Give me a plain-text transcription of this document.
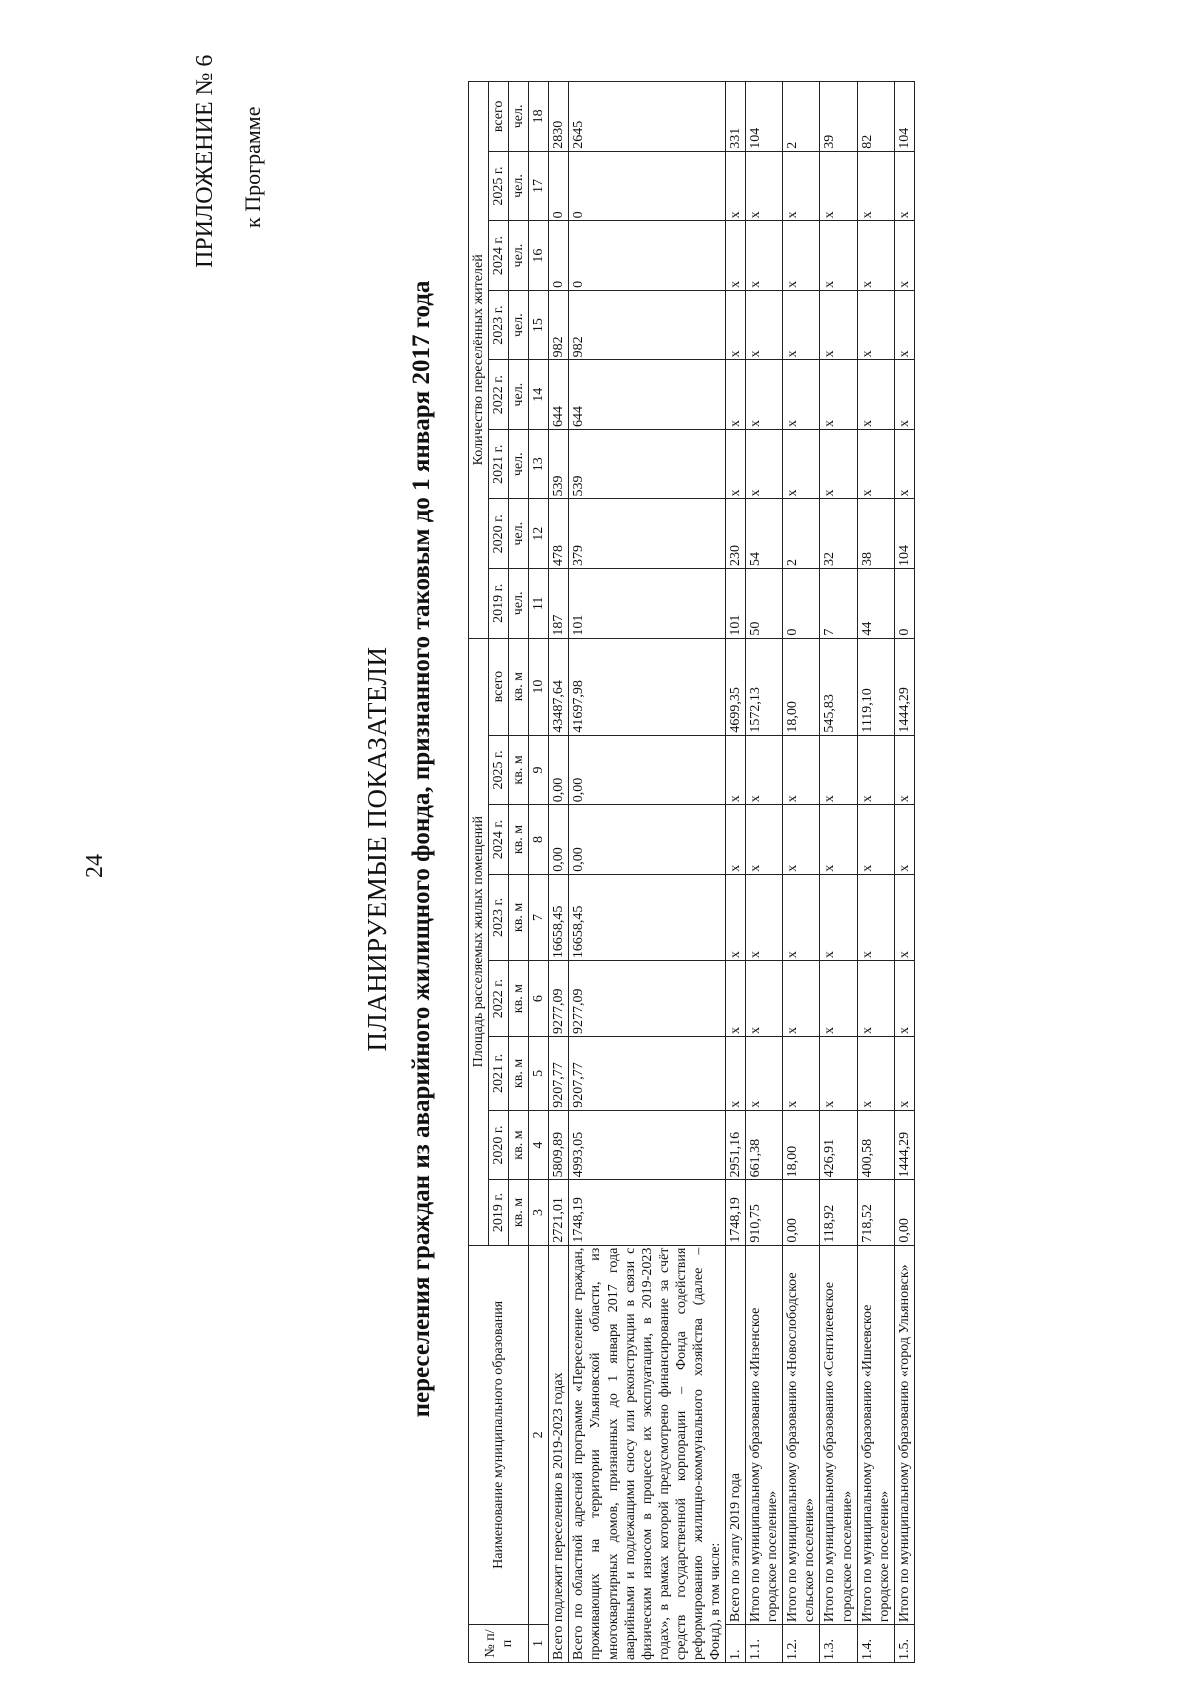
24
ПРИЛОЖЕНИЕ № 6 к Программе
ПЛАНИРУЕМЫЕ ПОКАЗАТЕЛИ переселения граждан из аварийного жилищного фонда, признанного таковым до 1 января 2017 года
№ п/п	Наименование муниципального образования	Площадь расселяемых жилых помещений								Количество переселённых жителей							
		2019 г.	2020 г.	2021 г.	2022 г.	2023 г.	2024 г.	2025 г.	всего	2019 г.	2020 г.	2021 г.	2022 г.	2023 г.	2024 г.	2025 г.	всего
		кв. м	кв. м	кв. м	кв. м	кв. м	кв. м	кв. м	кв. м	чел.	чел.	чел.	чел.	чел.	чел.	чел.	чел.
1	2	3	4	5	6	7	8	9	10	11	12	13	14	15	16	17	18
Всего подлежит переселению в 2019-2023 годах		2721,01	5809,89	9207,77	9277,09	16658,45	0,00	0,00	43487,64	187	478	539	644	982	0	0	2830
Всего по областной адресной программе «Переселение граждан, проживающих на территории Ульяновской области, из многоквартирных домов, признанных до 1 января 2017 года аварийными и подлежащими сносу или реконструкции в связи с физическим износом в процессе их эксплуатации, в 2019-2023 годах», в рамках которой предусмотрено финансирование за счёт средств государственной корпорации – Фонда содействия реформированию жилищно-коммунального хозяйства (далее – Фонд), в том числе:		1748,19	4993,05	9207,77	9277,09	16658,45	0,00	0,00	41697,98	101	379	539	644	982	0	0	2645
1.	Всего по этапу 2019 года	1748,19	2951,16	x	x	x	x	x	4699,35	101	230	x	x	x	x	x	331
1.1.	Итого по муниципальному образованию «Инзенское городское поселение»	910,75	661,38	x	x	x	x	x	1572,13	50	54	x	x	x	x	x	104
1.2.	Итого по муниципальному образованию «Новослободское сельское поселение»	0,00	18,00	x	x	x	x	x	18,00	0	2	x	x	x	x	x	2
1.3.	Итого по муниципальному образованию «Сенгилеевское городское поселение»	118,92	426,91	x	x	x	x	x	545,83	7	32	x	x	x	x	x	39
1.4.	Итого по муниципальному образованию «Ишеевское городское поселение»	718,52	400,58	x	x	x	x	x	1119,10	44	38	x	x	x	x	x	82
1.5.	Итого по муниципальному образованию «город Ульяновск»	0,00	1444,29	x	x	x	x	x	1444,29	0	104	x	x	x	x	x	104
